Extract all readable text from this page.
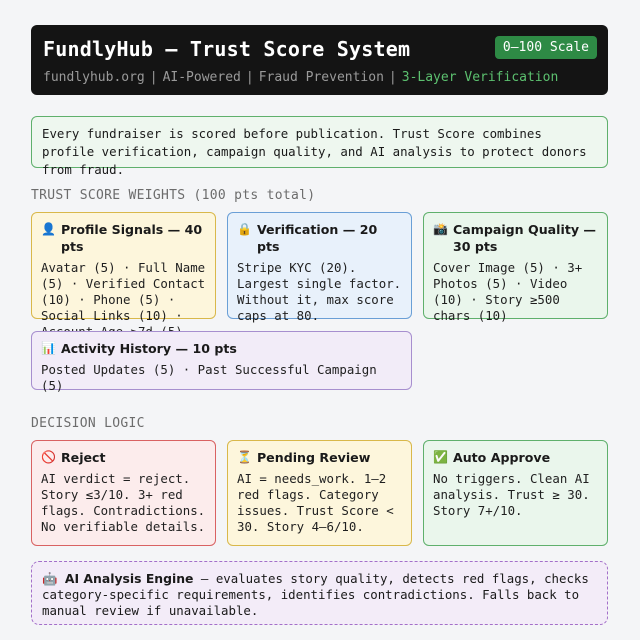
FundlyHub — Trust Score System	0–100 Scale
fundlyhub.org | AI-Powered | Fraud Prevention | 3-Layer Verification
Every fundraiser is scored before publication. Trust Score combines profile verification, campaign quality, and AI analysis to protect donors from fraud.
TRUST SCORE WEIGHTS (100 pts total)
👤 Profile Signals — 40 pts
Avatar (5) · Full Name (5) · Verified Contact (10) · Phone (5) · Social Links (10) ·
🔒 Verification — 20 pts
Stripe KYC (20). Largest single factor. Without it, max score caps at 80.
📸 Campaign Quality — 30 pts
Cover Image (5) · 3+ Photos (5) · Video (10) · Story ≥500 chars (10)
📊 Activity History — 10 pts
Posted Updates (5) · Past Successful Campaign (5)
DECISION LOGIC
🚫 Reject
AI verdict = reject. Story ≤3/10. 3+ red flags. Contradictions. No verifiable details.
⏳ Pending Review
AI = needs_work. 1–2 red flags. Category issues. Trust Score < 30. Story 4–6/10.
✅ Auto Approve
No triggers. Clean AI analysis. Trust ≥ 30. Story 7+/10.
🤖 AI Analysis Engine — evaluates story quality, detects red flags, checks category-specific requirements, identifies contradictions. Falls back to manual review if unavailable.
